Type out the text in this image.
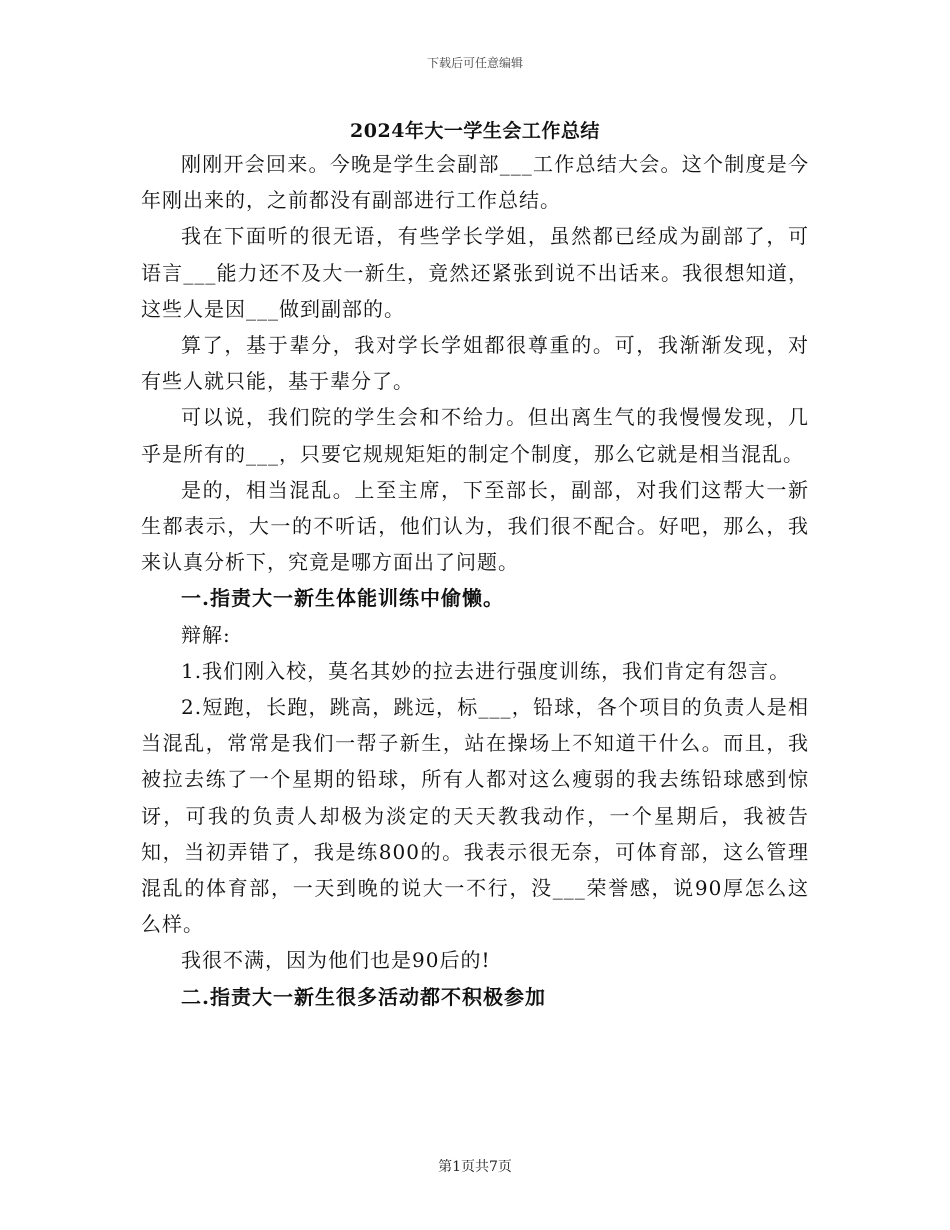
下载后可任意编辑
2024年大一学生会工作总结

刚刚开会回来。今晚是学生会副部___工作总结大会。这个制度是今年刚出来的，之前都没有副部进行工作总结。

我在下面听的很无语，有些学长学姐，虽然都已经成为副部了，可语言___能力还不及大一新生，竟然还紧张到说不出话来。我很想知道，这些人是因___做到副部的。

算了，基于辈分，我对学长学姐都很尊重的。可，我渐渐发现，对有些人就只能，基于辈分了。

可以说，我们院的学生会和不给力。但出离生气的我慢慢发现，几乎是所有的___，只要它规规矩矩的制定个制度，那么它就是相当混乱。

是的，相当混乱。上至主席，下至部长，副部，对我们这帮大一新生都表示，大一的不听话，他们认为，我们很不配合。好吧，那么，我来认真分析下，究竟是哪方面出了问题。

一.指责大一新生体能训练中偷懒。

辩解:

1.我们刚入校，莫名其妙的拉去进行强度训练，我们肯定有怨言。

2.短跑，长跑，跳高，跳远，标___，铅球，各个项目的负责人是相当混乱，常常是我们一帮子新生，站在操场上不知道干什么。而且，我被拉去练了一个星期的铅球，所有人都对这么瘦弱的我去练铅球感到惊讶，可我的负责人却极为淡定的天天教我动作，一个星期后，我被告知，当初弄错了，我是练800的。我表示很无奈，可体育部，这么管理混乱的体育部，一天到晚的说大一不行，没___荣誉感，说90厚怎么这么样。

我很不满，因为他们也是90后的!

二.指责大一新生很多活动都不积极参加

第1页共7页
